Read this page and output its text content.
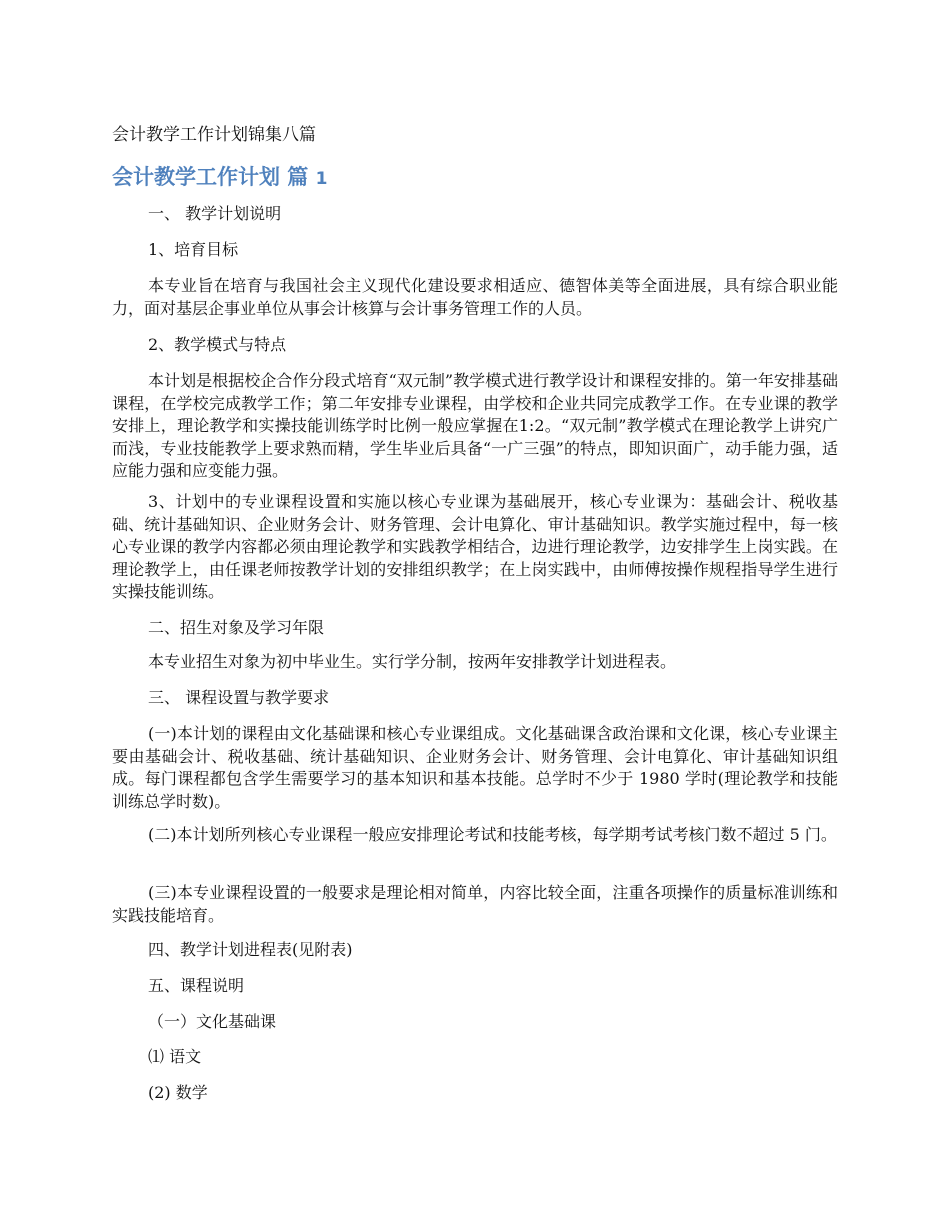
会计教学工作计划锦集八篇
会计教学工作计划 篇 1

一、 教学计划说明

1、培育目标

本专业旨在培育与我国社会主义现代化建设要求相适应、德智体美等全面进展，具有综合职业能力，面对基层企事业单位从事会计核算与会计事务管理工作的人员。

2、教学模式与特点

本计划是根据校企合作分段式培育“双元制”教学模式进行教学设计和课程安排的。第一年安排基础课程，在学校完成教学工作；第二年安排专业课程，由学校和企业共同完成教学工作。在专业课的教学安排上，理论教学和实操技能训练学时比例一般应掌握在1:2。“双元制”教学模式在理论教学上讲究广而浅，专业技能教学上要求熟而精，学生毕业后具备“一广三强”的特点，即知识面广，动手能力强，适应能力强和应变能力强。

3、计划中的专业课程设置和实施以核心专业课为基础展开，核心专业课为：基础会计、税收基础、统计基础知识、企业财务会计、财务管理、会计电算化、审计基础知识。教学实施过程中，每一核心专业课的教学内容都必须由理论教学和实践教学相结合，边进行理论教学，边安排学生上岗实践。在理论教学上，由任课老师按教学计划的安排组织教学；在上岗实践中，由师傅按操作规程指导学生进行实操技能训练。

二、招生对象及学习年限

本专业招生对象为初中毕业生。实行学分制，按两年安排教学计划进程表。

三、 课程设置与教学要求

(一)本计划的课程由文化基础课和核心专业课组成。文化基础课含政治课和文化课，核心专业课主要由基础会计、税收基础、统计基础知识、企业财务会计、财务管理、会计电算化、审计基础知识组成。每门课程都包含学生需要学习的基本知识和基本技能。总学时不少于 1980 学时(理论教学和技能训练总学时数)。

(二)本计划所列核心专业课程一般应安排理论考试和技能考核，每学期考试考核门数不超过 5 门。

(三)本专业课程设置的一般要求是理论相对简单，内容比较全面，注重各项操作的质量标准训练和实践技能培育。

四、教学计划进程表(见附表)

五、课程说明

（一）文化基础课

⑴ 语文

(2) 数学
